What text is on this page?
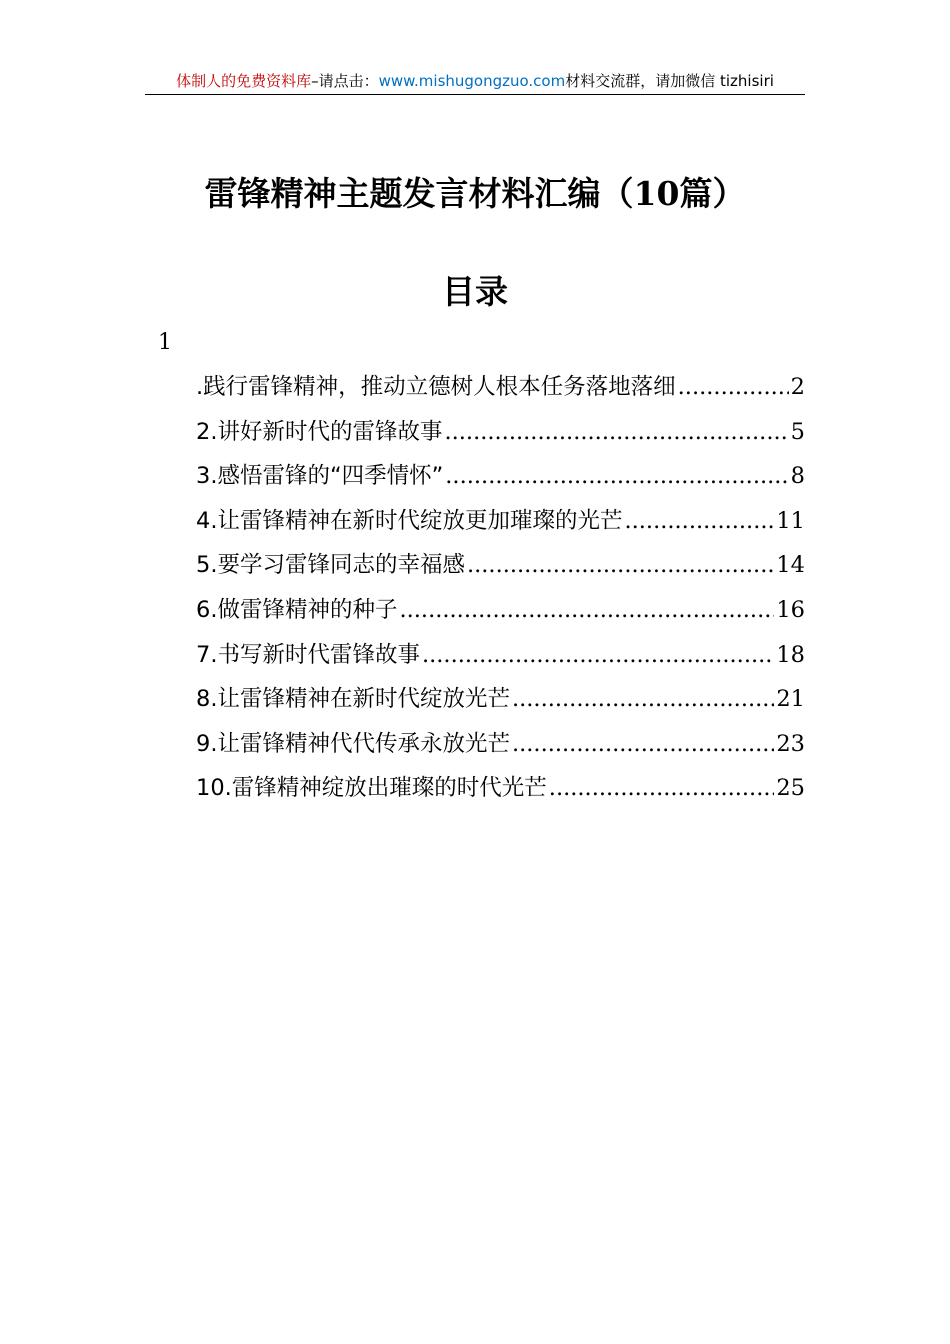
体制人的免费资料库–请点击：www.mishugongzuo.com材料交流群，请加微信 tizhisiri
雷锋精神主题发言材料汇编（10篇）
目录
1
.践行雷锋精神，推动立德树人根本任务落地落细 .....	2
2.讲好新时代的雷锋故事 .....	5
3.感悟雷锋的“四季情怀” .....	8
4.让雷锋精神在新时代绽放更加璀璨的光芒 .....	11
5.要学习雷锋同志的幸福感 .....	14
6.做雷锋精神的种子 .....	16
7.书写新时代雷锋故事 .....	18
8.让雷锋精神在新时代绽放光芒 .....	21
9.让雷锋精神代代传承永放光芒 .....	23
10.雷锋精神绽放出璀璨的时代光芒 .....	25
